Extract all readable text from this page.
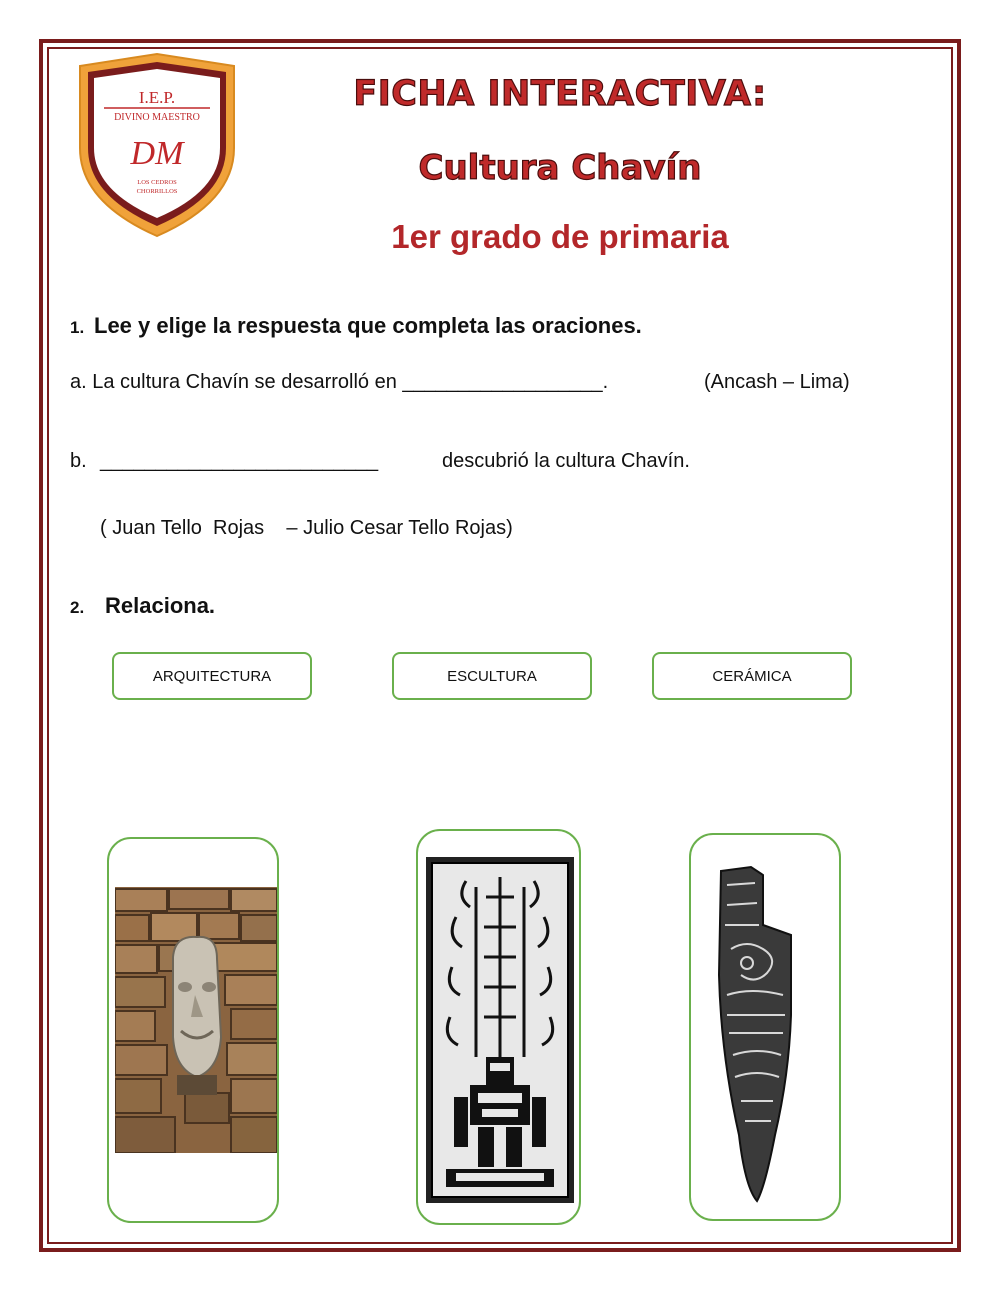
I.E.P.
DIVINO MAESTRO
DM
LOS CEDROS
CHORRILLOS
FICHA INTERACTIVA:
Cultura Chavín
1er grado de primaria
1. Lee y elige la respuesta que completa las oraciones.
a. La cultura Chavín se desarrolló en __________________.	(Ancash – Lima)
b. _________________________	descubrió la cultura Chavín.
( Juan Tello  Rojas    – Julio Cesar Tello Rojas)
2. Relaciona.
ARQUITECTURA	ESCULTURA	CERÁMICA
